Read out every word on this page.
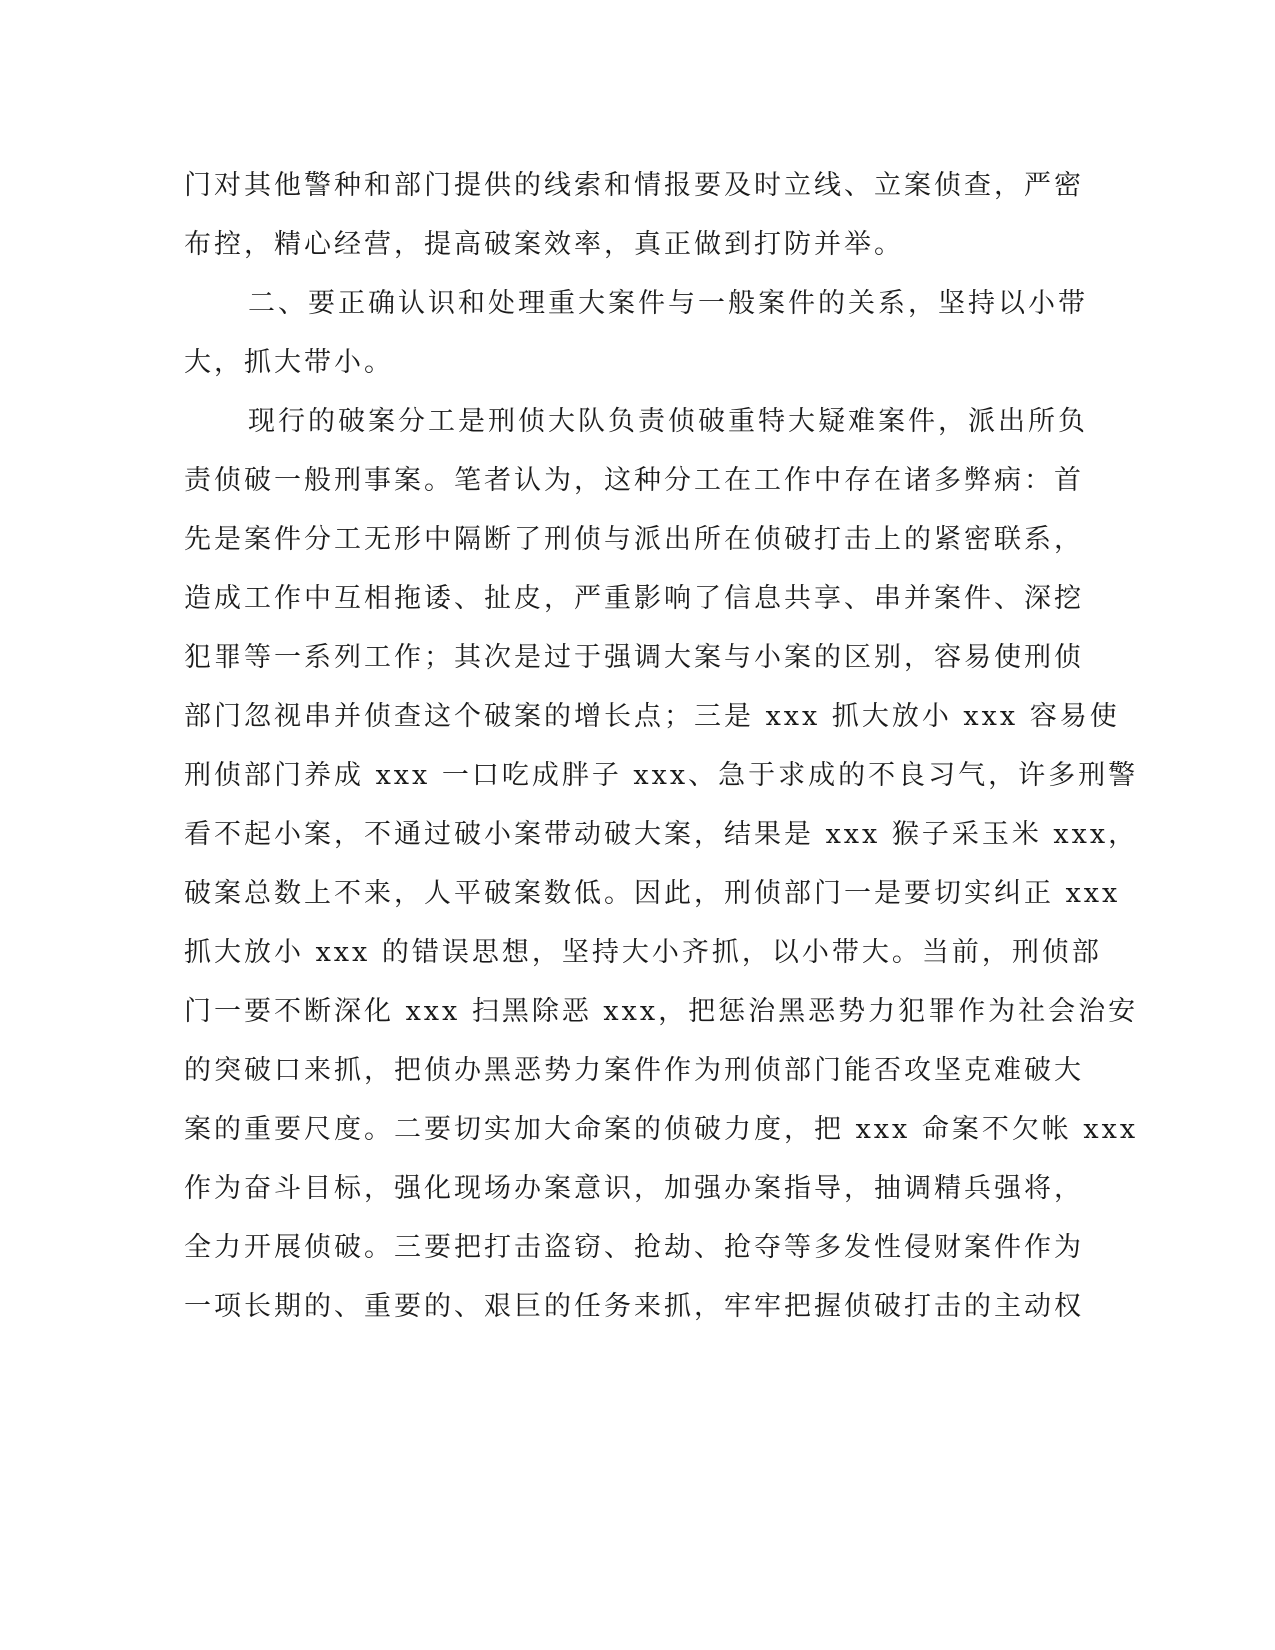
门对其他警种和部门提供的线索和情报要及时立线、立案侦查，严密
布控，精心经营，提高破案效率，真正做到打防并举。
二、要正确认识和处理重大案件与一般案件的关系，坚持以小带
大，抓大带小。
现行的破案分工是刑侦大队负责侦破重特大疑难案件，派出所负
责侦破一般刑事案。笔者认为，这种分工在工作中存在诸多弊病：首
先是案件分工无形中隔断了刑侦与派出所在侦破打击上的紧密联系，
造成工作中互相拖诿、扯皮，严重影响了信息共享、串并案件、深挖
犯罪等一系列工作；其次是过于强调大案与小案的区别，容易使刑侦
部门忽视串并侦查这个破案的增长点；三是 xxx 抓大放小 xxx 容易使
刑侦部门养成 xxx 一口吃成胖子 xxx、急于求成的不良习气，许多刑警
看不起小案，不通过破小案带动破大案，结果是 xxx 猴子采玉米 xxx，
破案总数上不来，人平破案数低。因此，刑侦部门一是要切实纠正 xxx
抓大放小 xxx 的错误思想，坚持大小齐抓，以小带大。当前，刑侦部
门一要不断深化 xxx 扫黑除恶 xxx，把惩治黑恶势力犯罪作为社会治安
的突破口来抓，把侦办黑恶势力案件作为刑侦部门能否攻坚克难破大
案的重要尺度。二要切实加大命案的侦破力度，把 xxx 命案不欠帐 xxx
作为奋斗目标，强化现场办案意识，加强办案指导，抽调精兵强将，
全力开展侦破。三要把打击盗窃、抢劫、抢夺等多发性侵财案件作为
一项长期的、重要的、艰巨的任务来抓，牢牢把握侦破打击的主动权
